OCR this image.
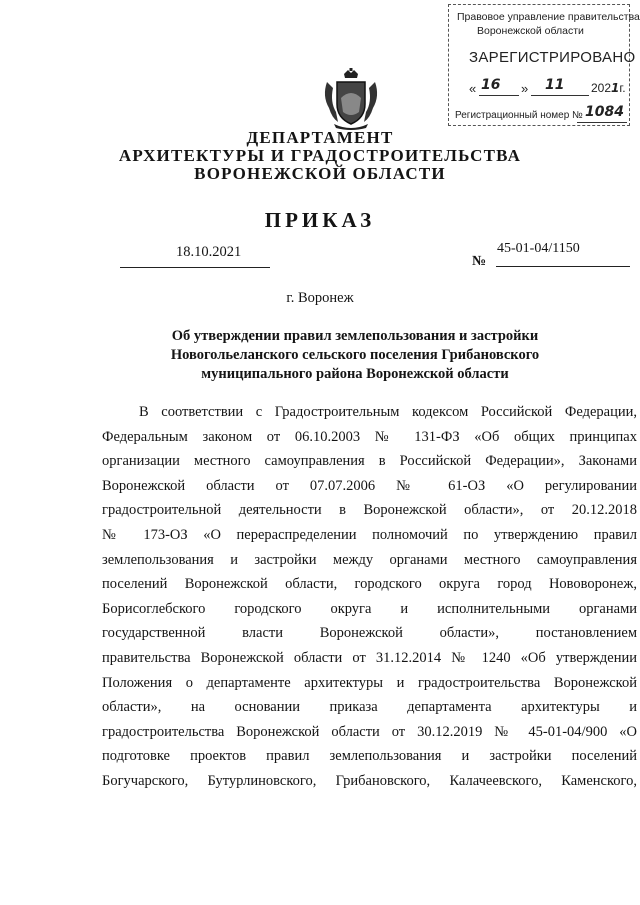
Правовое управление правительства
Воронежской области
ЗАРЕГИСТРИРОВАНО
« 16 » 11 2021г.
Регистрационный номер № 1084
ДЕПАРТАМЕНТ
АРХИТЕКТУРЫ И ГРАДОСТРОИТЕЛЬСТВА
ВОРОНЕЖСКОЙ ОБЛАСТИ
ПРИКАЗ
18.10.2021
№
45-01-04/1150
г. Воронеж
Об утверждении правил землепользования и застройки
Новогольеланского сельского поселения Грибановского
муниципального района Воронежской области
В соответствии с Градостроительным кодексом Российской Федерации,
Федеральным законом от 06.10.2003 № 131-ФЗ «Об общих принципах
организации местного самоуправления в Российской Федерации», Законами
Воронежской области от 07.07.2006 № 61-ОЗ «О регулировании
градостроительной деятельности в Воронежской области», от 20.12.2018
№ 173-ОЗ «О перераспределении полномочий по утверждению правил
землепользования и застройки между органами местного самоуправления
поселений Воронежской области, городского округа город Нововоронеж,
Борисоглебского городского округа и исполнительными органами
государственной власти Воронежской области», постановлением
правительства Воронежской области от 31.12.2014 № 1240 «Об утверждении
Положения о департаменте архитектуры и градостроительства Воронежской
области», на основании приказа департамента архитектуры и
градостроительства Воронежской области от 30.12.2019 № 45-01-04/900 «О
подготовке проектов правил землепользования и застройки поселений
Богучарского, Бутурлиновского, Грибановского, Калачеевского, Каменского,
